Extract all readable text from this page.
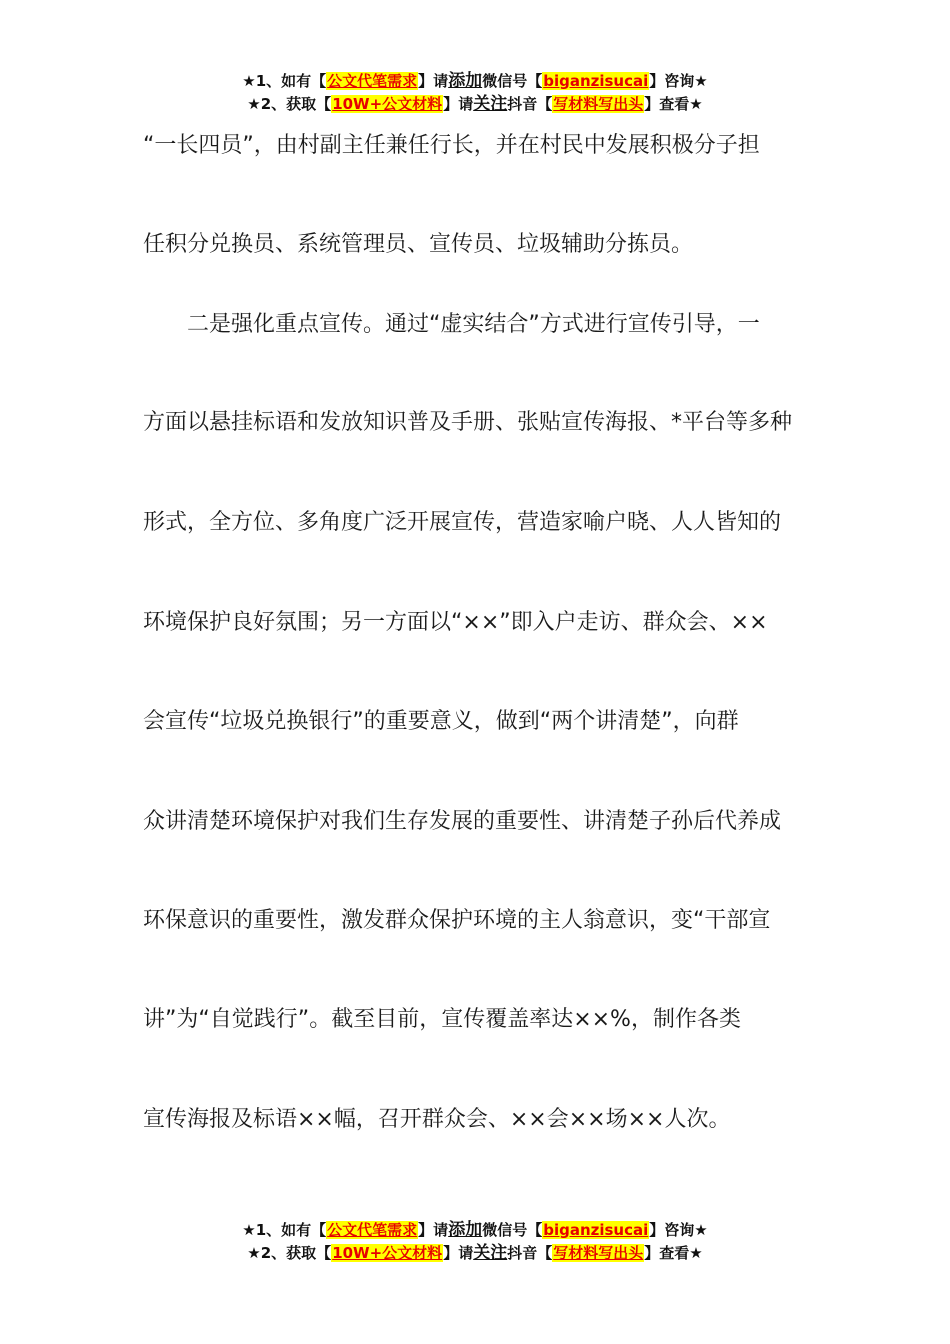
★1、如有【公文代笔需求】请添加微信号【biganzisucai】咨询★
★2、获取【10W+公文材料】请关注抖音【写材料写出头】查看★
“一长四员”，由村副主任兼任行长，并在村民中发展积极分子担
任积分兑换员、系统管理员、宣传员、垃圾辅助分拣员。
二是强化重点宣传。通过“虚实结合”方式进行宣传引导，一
方面以悬挂标语和发放知识普及手册、张贴宣传海报、*平台等多种
形式，全方位、多角度广泛开展宣传，营造家喻户晓、人人皆知的
环境保护良好氛围；另一方面以“××”即入户走访、群众会、××
会宣传“垃圾兑换银行”的重要意义，做到“两个讲清楚”，向群
众讲清楚环境保护对我们生存发展的重要性、讲清楚子孙后代养成
环保意识的重要性，激发群众保护环境的主人翁意识，变“干部宣
讲”为“自觉践行”。截至目前，宣传覆盖率达××%，制作各类
宣传海报及标语××幅，召开群众会、××会××场××人次。
★1、如有【公文代笔需求】请添加微信号【biganzisucai】咨询★
★2、获取【10W+公文材料】请关注抖音【写材料写出头】查看★
